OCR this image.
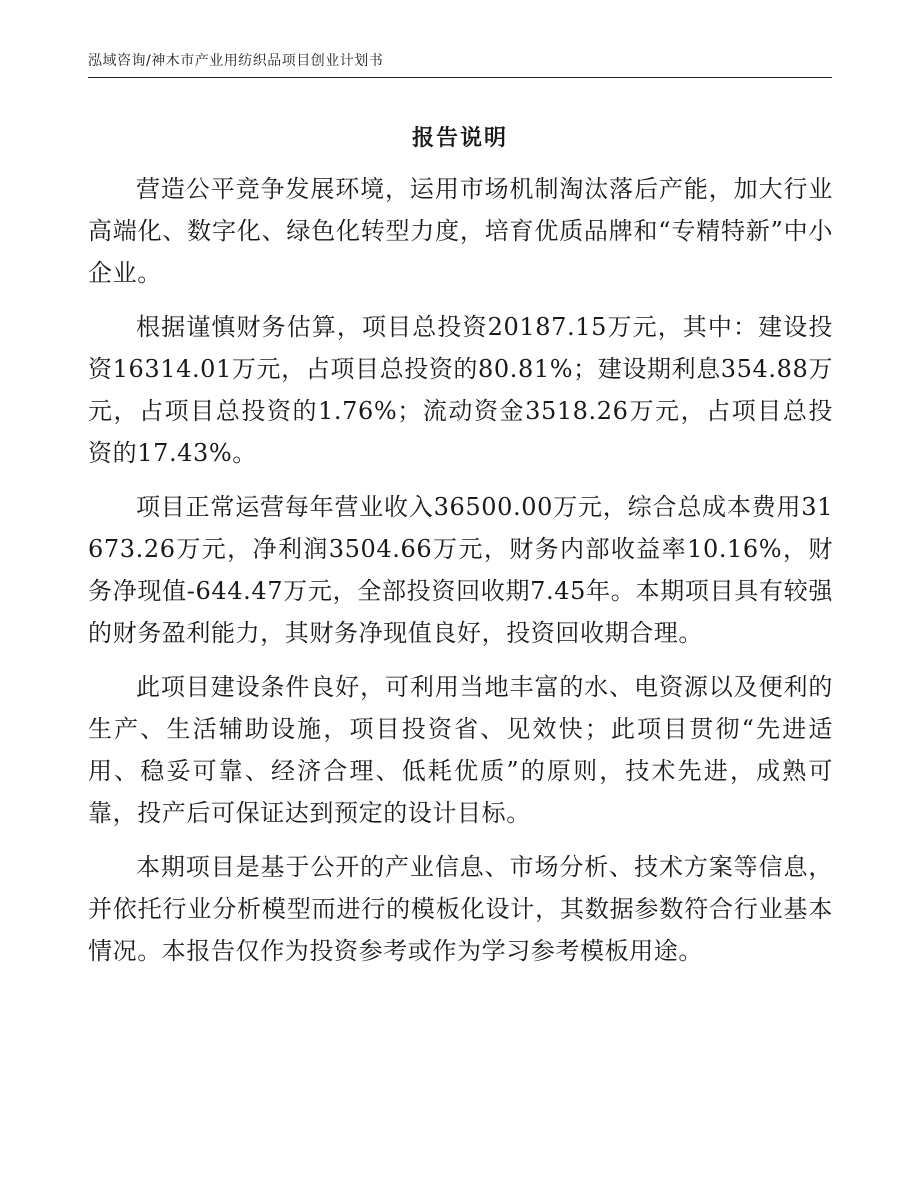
泓域咨询/神木市产业用纺织品项目创业计划书
报告说明

营造公平竞争发展环境，运用市场机制淘汰落后产能，加大行业高端化、数字化、绿色化转型力度，培育优质品牌和“专精特新”中小企业。

根据谨慎财务估算，项目总投资20187.15万元，其中：建设投资16314.01万元，占项目总投资的80.81%；建设期利息354.88万元，占项目总投资的1.76%；流动资金3518.26万元，占项目总投资的17.43%。

项目正常运营每年营业收入36500.00万元，综合总成本费用31673.26万元，净利润3504.66万元，财务内部收益率10.16%，财务净现值-644.47万元，全部投资回收期7.45年。本期项目具有较强的财务盈利能力，其财务净现值良好，投资回收期合理。

此项目建设条件良好，可利用当地丰富的水、电资源以及便利的生产、生活辅助设施，项目投资省、见效快；此项目贯彻“先进适用、稳妥可靠、经济合理、低耗优质”的原则，技术先进，成熟可靠，投产后可保证达到预定的设计目标。

本期项目是基于公开的产业信息、市场分析、技术方案等信息，并依托行业分析模型而进行的模板化设计，其数据参数符合行业基本情况。本报告仅作为投资参考或作为学习参考模板用途。
